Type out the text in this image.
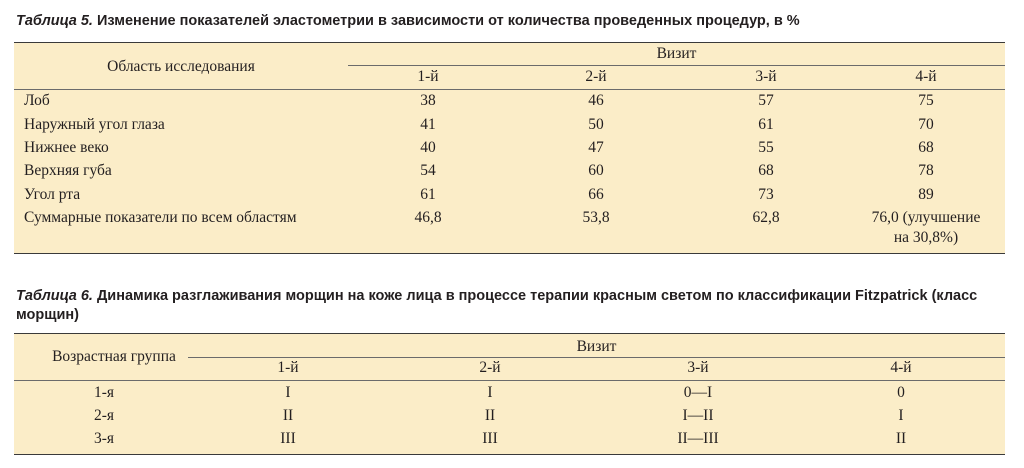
Таблица 5. Изменение показателей эластометрии в зависимости от количества проведенных процедур, в %
Область исследования
Визит
1-й	2-й	3-й	4-й
Лоб	38	46	57	75
Наружный угол глаза	41	50	61	70
Нижнее веко	40	47	55	68
Верхняя губа	54	60	68	78
Угол рта	61	66	73	89
Суммарные показатели по всем областям	46,8	53,8	62,8	76,0 (улучшение
на 30,8%)
Таблица 6. Динамика разглаживания морщин на коже лица в процессе терапии красным светом по классификации Fitzpatrick (класс морщин)
Возрастная группа
Визит
1-й	2-й	3-й	4-й
1-я	I	I	0—I	0
2-я	II	II	I—II	I
3-я	III	III	II—III	II
